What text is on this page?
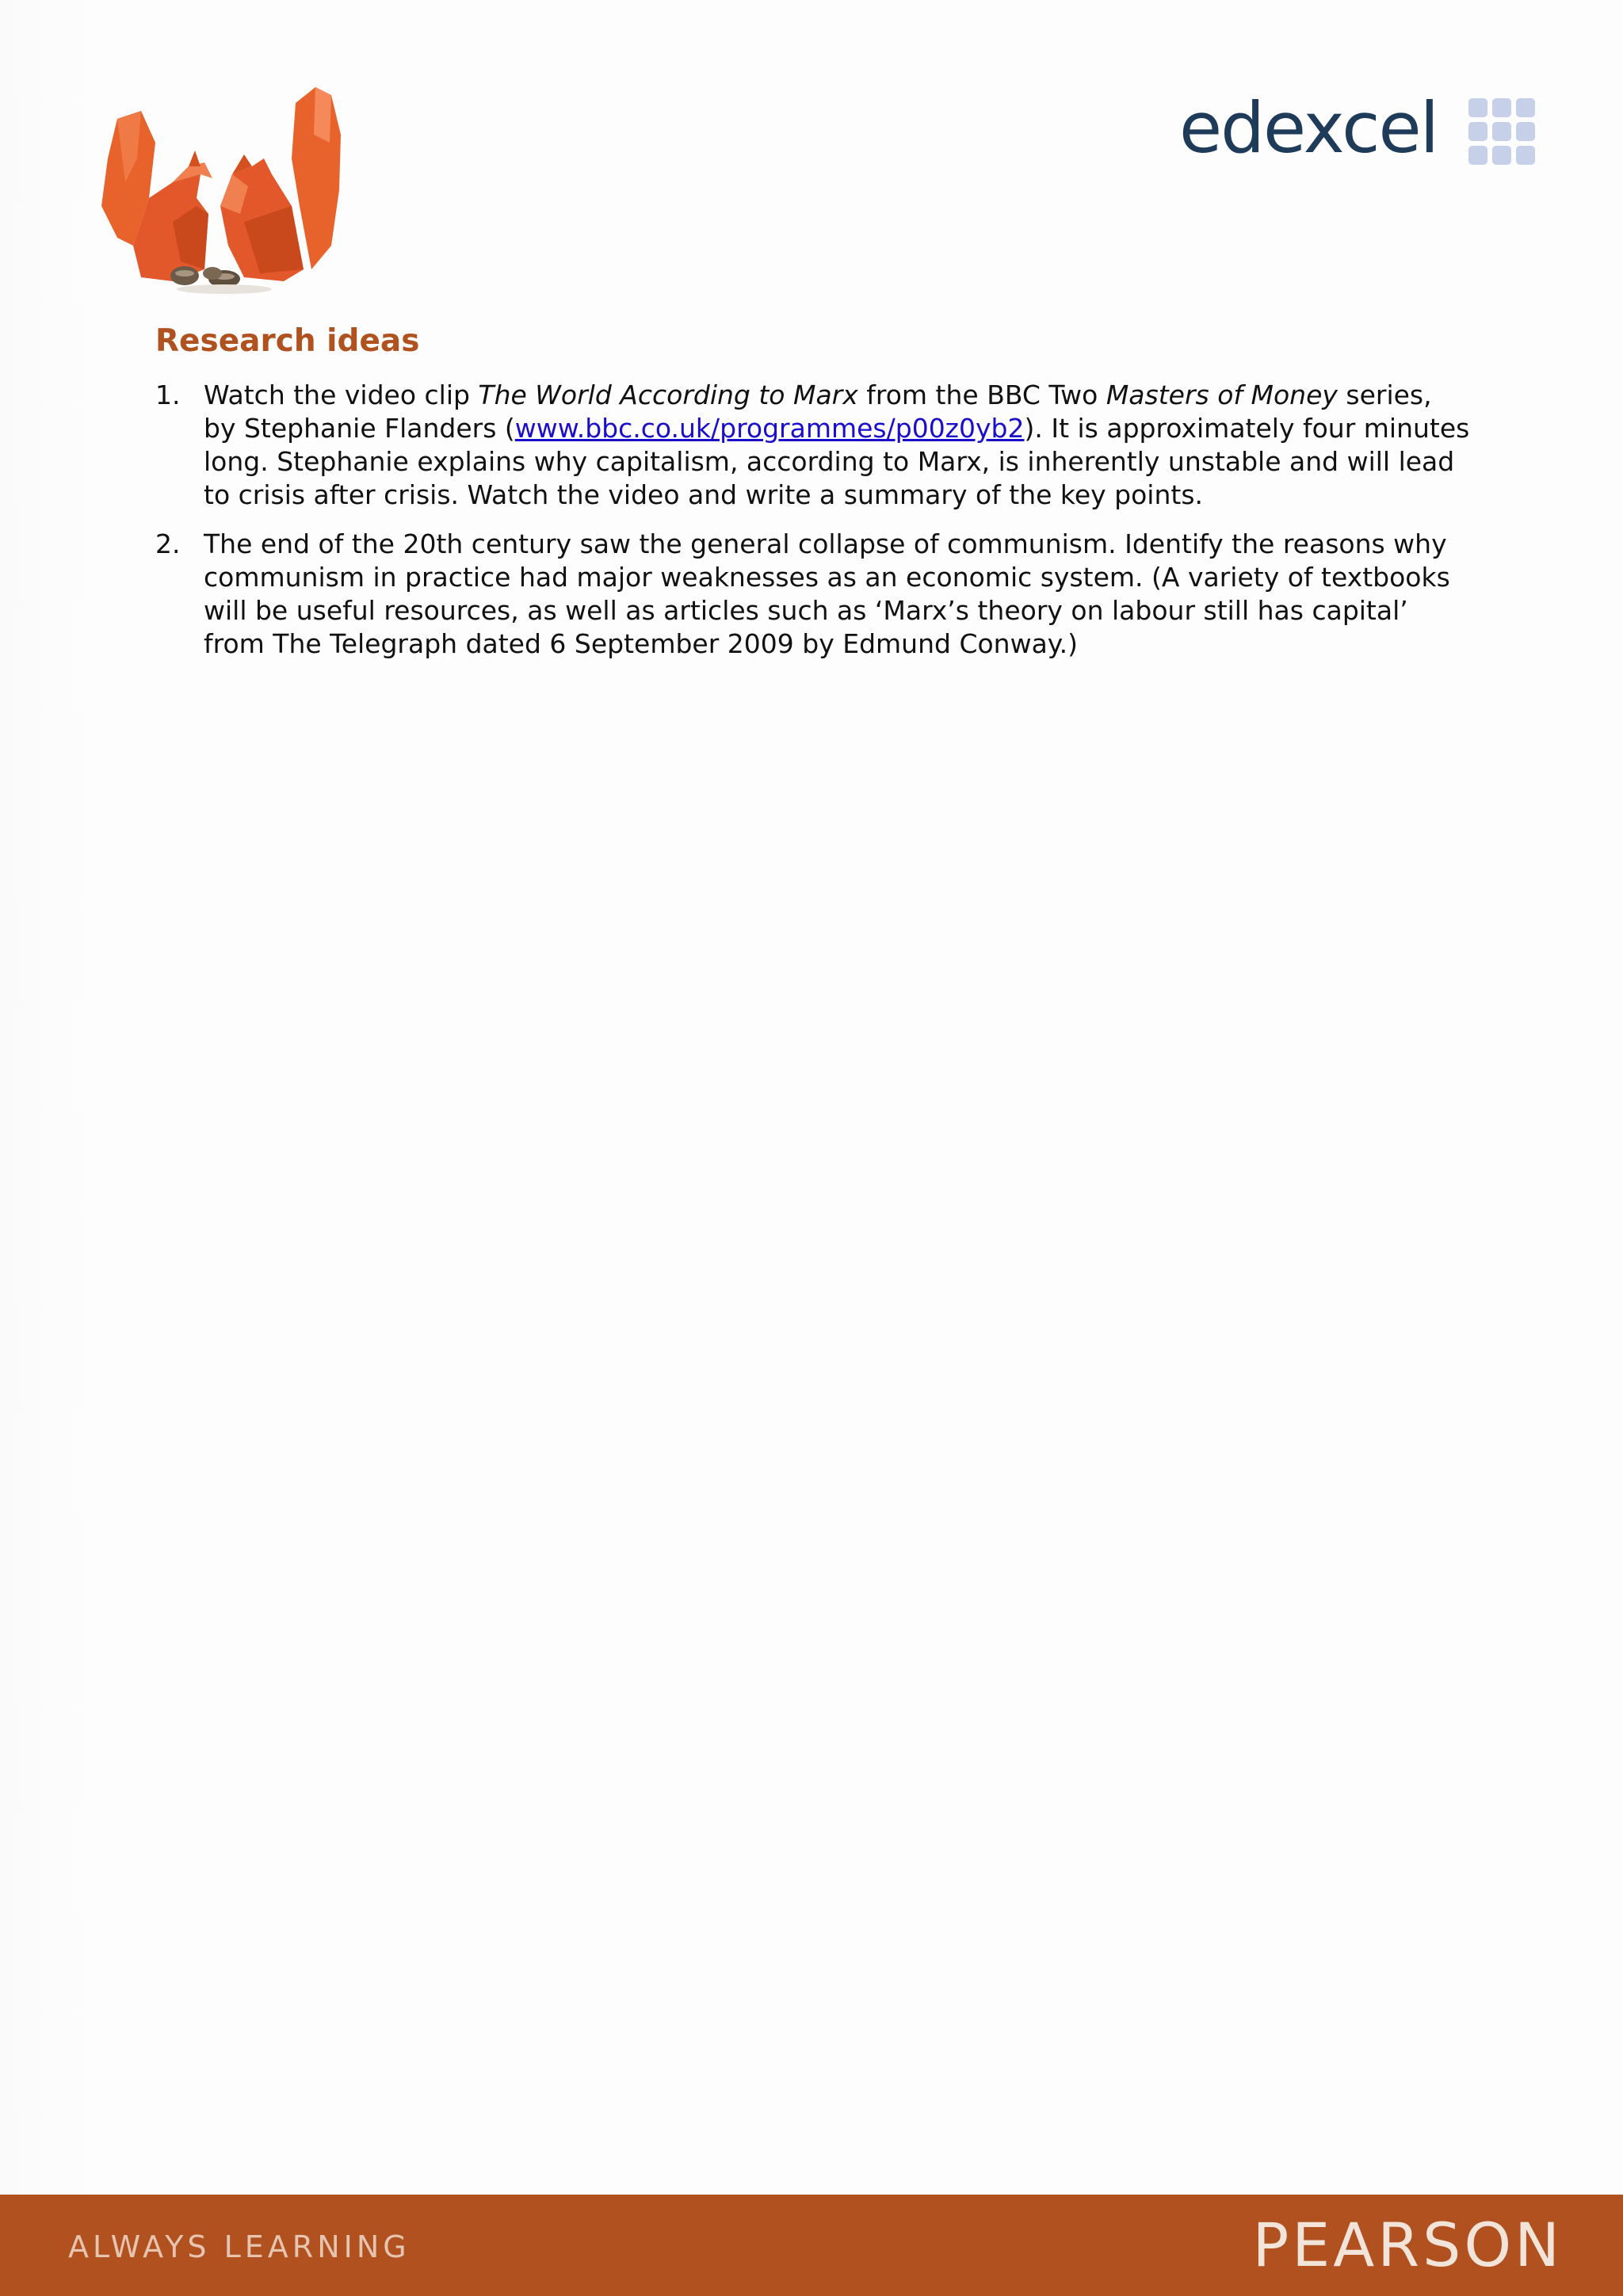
edexcel
Research ideas
1. Watch the video clip The World According to Marx from the BBC Two Masters of Money series, by Stephanie Flanders (www.bbc.co.uk/programmes/p00z0yb2). It is approximately four minutes long. Stephanie explains why capitalism, according to Marx, is inherently unstable and will lead to crisis after crisis. Watch the video and write a summary of the key points.
2. The end of the 20th century saw the general collapse of communism. Identify the reasons why communism in practice had major weaknesses as an economic system. (A variety of textbooks will be useful resources, as well as articles such as ‘Marx’s theory on labour still has capital’ from The Telegraph dated 6 September 2009 by Edmund Conway.)
ALWAYS LEARNING	PEARSON
